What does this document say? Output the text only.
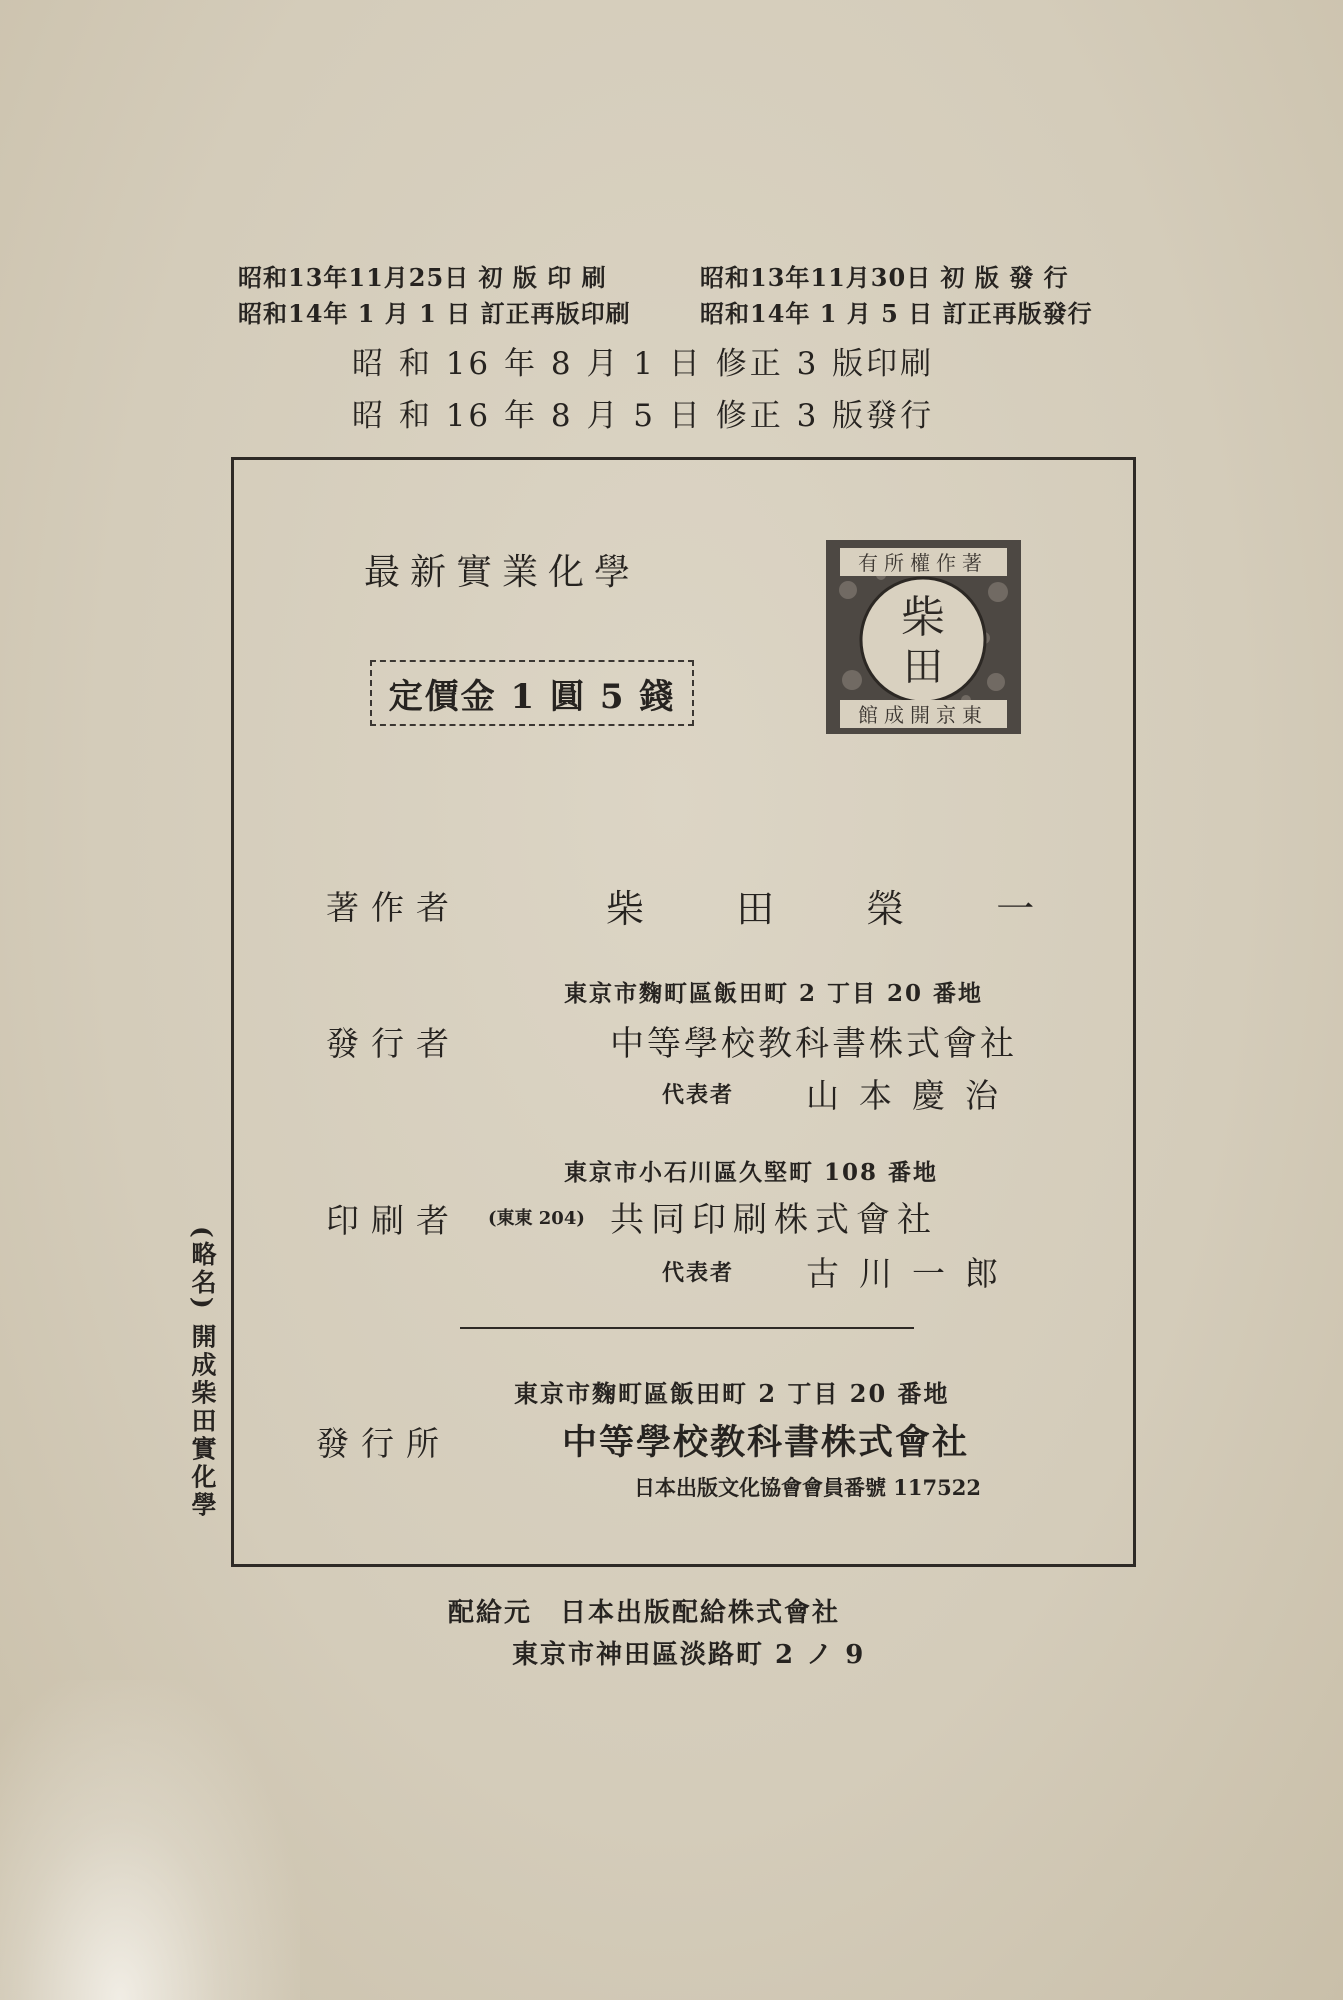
昭和13年11月25日 初 版 印 刷	昭和13年11月30日 初 版 發 行
昭和14年 1 月 1 日 訂正再版印刷	昭和14年 1 月 5 日 訂正再版發行
昭 和 16 年 8 月 1 日 修正 3 版印刷
昭 和 16 年 8 月 5 日 修正 3 版發行
最新實業化學
定價金 1 圓 5 錢
有所權作著
柴
田
館成開京東
著作者	柴 田 榮 一
東京市麴町區飯田町 2 丁目 20 番地
發行者	中等學校教科書株式會社
代表者 山本慶治
東京市小石川區久堅町 108 番地
印刷者 (東東 204) 共同印刷株式會社
代表者 古川一郎
東京市麴町區飯田町 2 丁目 20 番地
發行所	中等學校教科書株式會社
日本出版文化協會會員番號 117522
(略名) 開成柴田實化學
配給元　日本出版配給株式會社
東京市神田區淡路町 2 ノ 9
